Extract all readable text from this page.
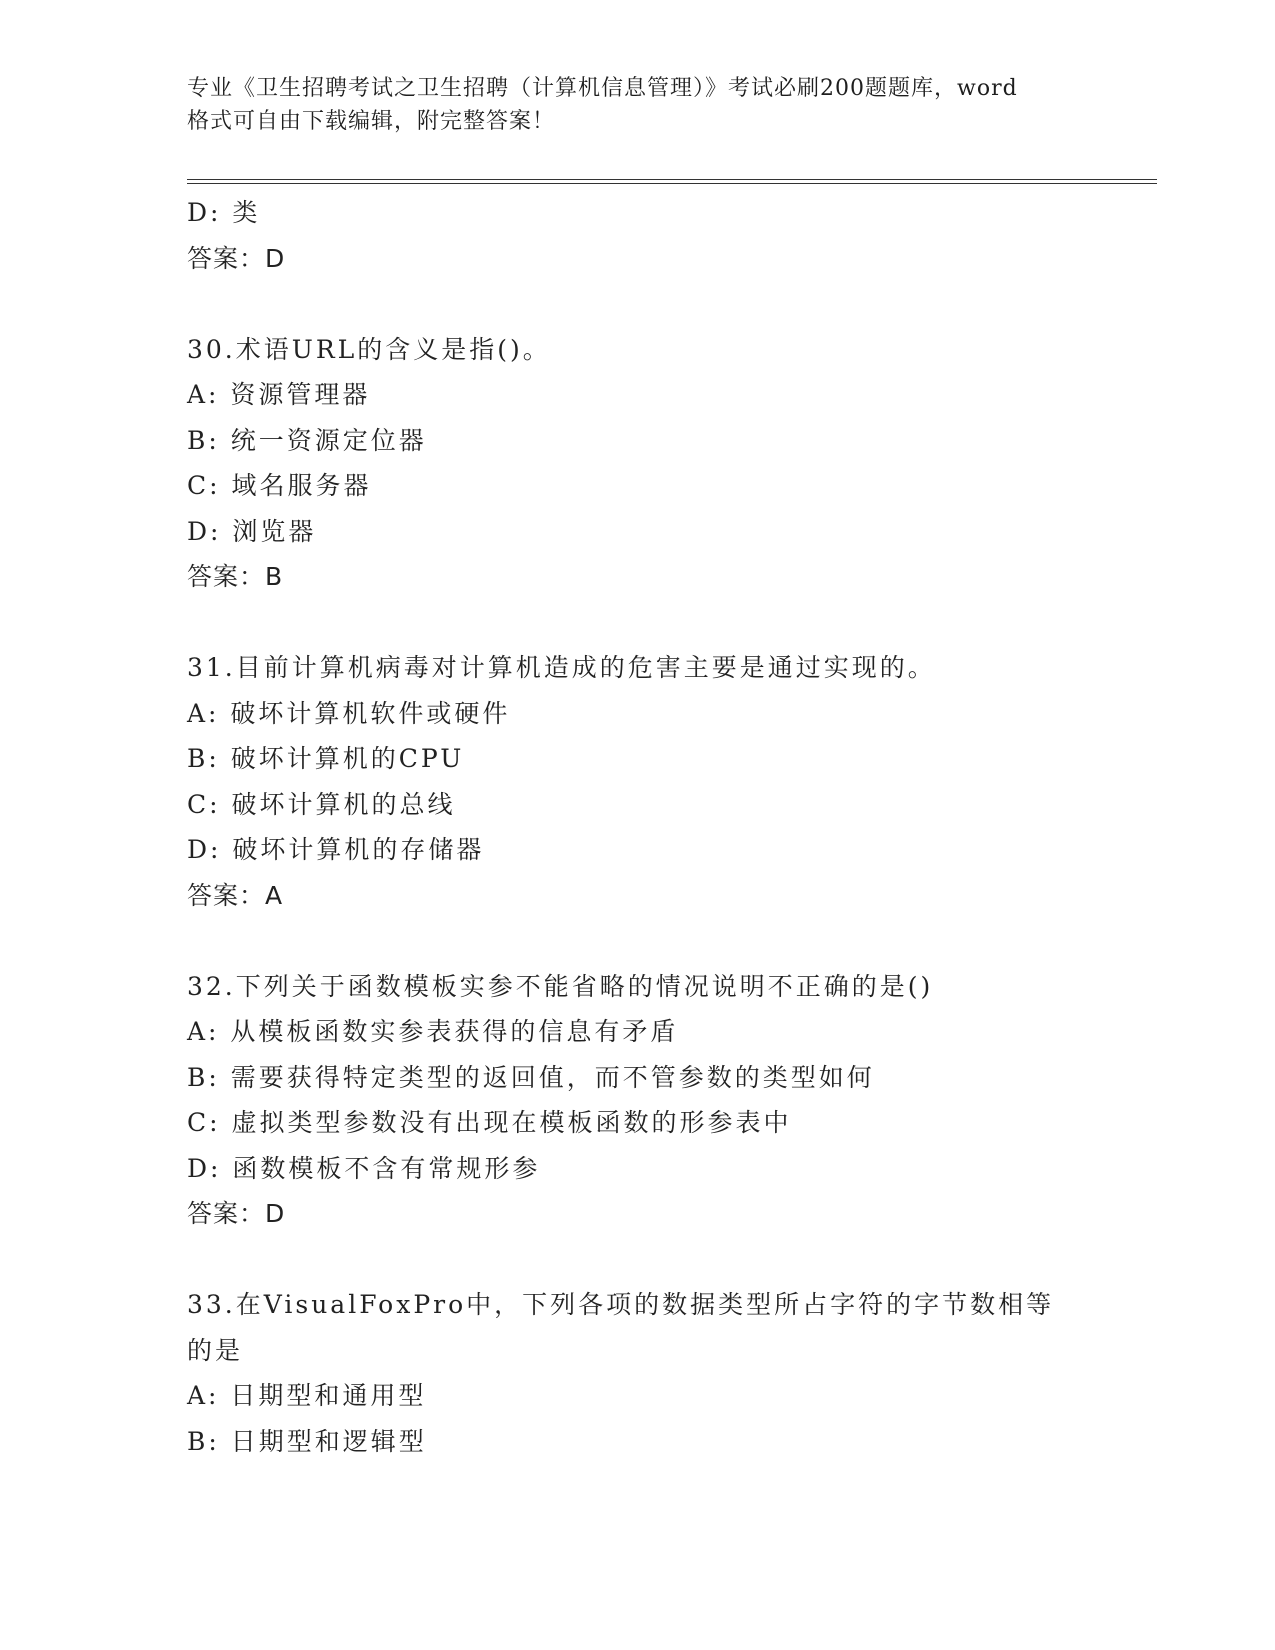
专业《卫生招聘考试之卫生招聘（计算机信息管理）》考试必刷200题题库，word
格式可自由下载编辑，附完整答案！
D: 类
答案：D
30.术语URL的含义是指()。
A: 资源管理器
B: 统一资源定位器
C: 域名服务器
D: 浏览器
答案：B
31.目前计算机病毒对计算机造成的危害主要是通过实现的。
A: 破坏计算机软件或硬件
B: 破坏计算机的CPU
C: 破坏计算机的总线
D: 破坏计算机的存储器
答案：A
32.下列关于函数模板实参不能省略的情况说明不正确的是()
A: 从模板函数实参表获得的信息有矛盾
B: 需要获得特定类型的返回值，而不管参数的类型如何
C: 虚拟类型参数没有出现在模板函数的形参表中
D: 函数模板不含有常规形参
答案：D
33.在VisualFoxPro中，下列各项的数据类型所占字符的字节数相等
的是
A: 日期型和通用型
B: 日期型和逻辑型
